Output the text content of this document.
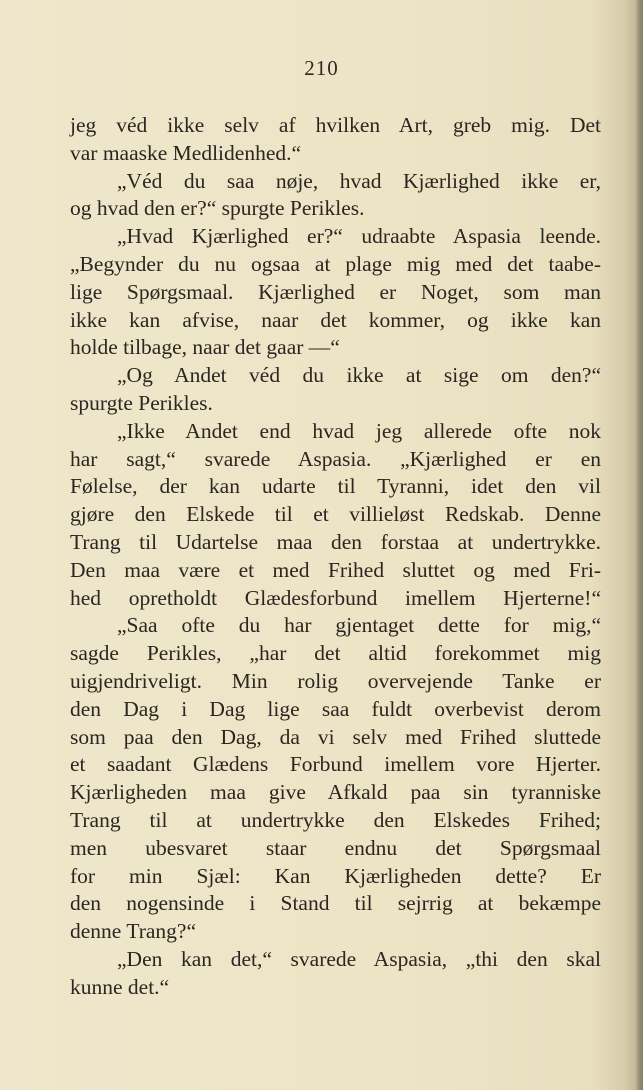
210
jeg véd ikke selv af hvilken Art, greb mig. Det
var maaske Medlidenhed.“
„Véd du saa nøje, hvad Kjærlighed ikke er,
og hvad den er?“ spurgte Perikles.
„Hvad Kjærlighed er?“ udraabte Aspasia leende.
„Begynder du nu ogsaa at plage mig med det taabe-
lige Spørgsmaal. Kjærlighed er Noget, som man
ikke kan afvise, naar det kommer, og ikke kan
holde tilbage, naar det gaar —“
„Og Andet véd du ikke at sige om den?“
spurgte Perikles.
„Ikke Andet end hvad jeg allerede ofte nok
har sagt,“ svarede Aspasia. „Kjærlighed er en
Følelse, der kan udarte til Tyranni, idet den vil
gjøre den Elskede til et villieløst Redskab. Denne
Trang til Udartelse maa den forstaa at undertrykke.
Den maa være et med Frihed sluttet og med Fri-
hed opretholdt Glædesforbund imellem Hjerterne!“
„Saa ofte du har gjentaget dette for mig,“
sagde Perikles, „har det altid forekommet mig
uigjendriveligt. Min rolig overvejende Tanke er
den Dag i Dag lige saa fuldt overbevist derom
som paa den Dag, da vi selv med Frihed sluttede
et saadant Glædens Forbund imellem vore Hjerter.
Kjærligheden maa give Afkald paa sin tyranniske
Trang til at undertrykke den Elskedes Frihed;
men ubesvaret staar endnu det Spørgsmaal
for min Sjæl: Kan Kjærligheden dette? Er
den nogensinde i Stand til sejrrig at bekæmpe
denne Trang?“
„Den kan det,“ svarede Aspasia, „thi den skal
kunne det.“
